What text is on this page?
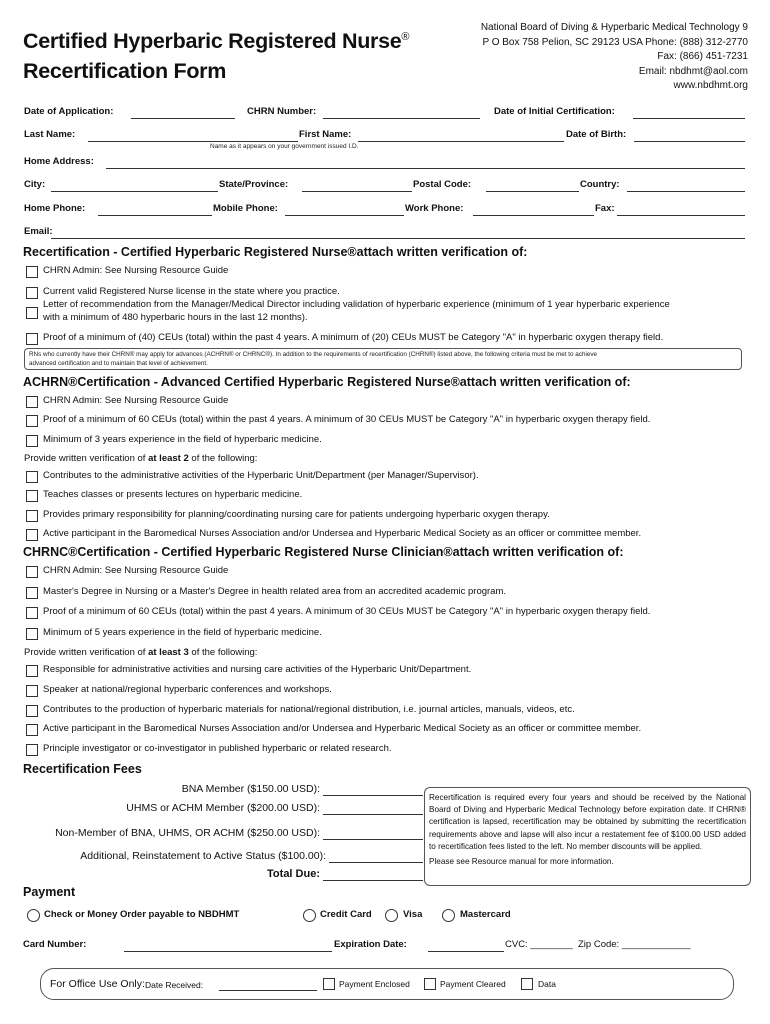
Certified Hyperbaric Registered Nurse®
Recertification Form
National Board of Diving & Hyperbaric Medical Technology 9
P O Box 758 Pelion, SC 29123 USA Phone: (888) 312-2770
Fax: (866) 451-7231
Email: nbdhmt@aol.com
www.nbdhmt.org
Date of Application:	CHRN Number:	Date of Initial Certification:
Last Name:	First Name:	Date of Birth:
Name as it appears on your government issued I.D.
Home Address:
City:	State/Province:	Postal Code:	Country:
Home Phone:	Mobile Phone:	Work Phone:	Fax:
Email:
Recertification - Certified Hyperbaric Registered Nurse®attach written verification of:
CHRN Admin: See Nursing Resource Guide
Current valid Registered Nurse license in the state where you practice.
Letter of recommendation from the Manager/Medical Director including validation of hyperbaric experience (minimum of 1 year hyperbaric experience
with a minimum of 480 hyperbaric hours in the last 12 months).
Proof of a minimum of (40) CEUs (total) within the past 4 years. A minimum of (20) CEUs MUST be Category "A" in hyperbaric oxygen therapy field.
RNs who currently have their CHRN® may apply for advances (ACHRN® or CHRNC®). In addition to the requirements of recertification (CHRN®) listed above, the following criteria must be met to achieve
advanced certification and to maintain that level of achievement.
ACHRN®Certification - Advanced Certified Hyperbaric Registered Nurse®attach written verification of:
CHRN Admin: See Nursing Resource Guide
Proof of a minimum of 60 CEUs (total) within the past 4 years. A minimum of 30 CEUs MUST be Category "A" in hyperbaric oxygen therapy field.
Minimum of 3 years experience in the field of hyperbaric medicine.
Provide written verification of at least 2 of the following:
Contributes to the administrative activities of the Hyperbaric Unit/Department (per Manager/Supervisor).
Teaches classes or presents lectures on hyperbaric medicine.
Provides primary responsibility for planning/coordinating nursing care for patients undergoing hyperbaric oxygen therapy.
Active participant in the Baromedical Nurses Association and/or Undersea and Hyperbaric Medical Society as an officer or committee member.
CHRNC®Certification - Certified Hyperbaric Registered Nurse Clinician®attach written verification of:
CHRN Admin: See Nursing Resource Guide
Master's Degree in Nursing or a Master's Degree in health related area from an accredited academic program.
Proof of a minimum of 60 CEUs (total) within the past 4 years. A minimum of 30 CEUs MUST be Category "A" in hyperbaric oxygen therapy field.
Minimum of 5 years experience in the field of hyperbaric medicine.
Provide written verification of at least 3 of the following:
Responsible for administrative activities and nursing care activities of the Hyperbaric Unit/Department.
Speaker at national/regional hyperbaric conferences and workshops.
Contributes to the production of hyperbaric materials for national/regional distribution, i.e. journal articles, manuals, videos, etc.
Active participant in the Baromedical Nurses Association and/or Undersea and Hyperbaric Medical Society as an officer or committee member.
Principle investigator or co-investigator in published hyperbaric or related research.
Recertification Fees
BNA Member ($150.00 USD):
UHMS or ACHM Member ($200.00 USD):
Non-Member of BNA, UHMS, OR ACHM ($250.00 USD):
Additional, Reinstatement to Active Status ($100.00):
Total Due:
Recertification is required every four years and should be received by the National Board of Diving and Hyperbaric Medical Technology before expiration date. If CHRN® certification is lapsed, recertification may be obtained by submitting the recertification requirements above and lapse will also incur a restatement fee of $100.00 USD added to recertification fees listed to the left. No member discounts will be applied.
Please see Resource manual for more information.
Payment
Check or Money Order payable to NBDHMT	Credit Card	Visa	Mastercard
Card Number:	Expiration Date:	CVC: ________ Zip Code: _____________
For Office Use Only: Date Received:	Payment Enclosed	Payment Cleared	Data
